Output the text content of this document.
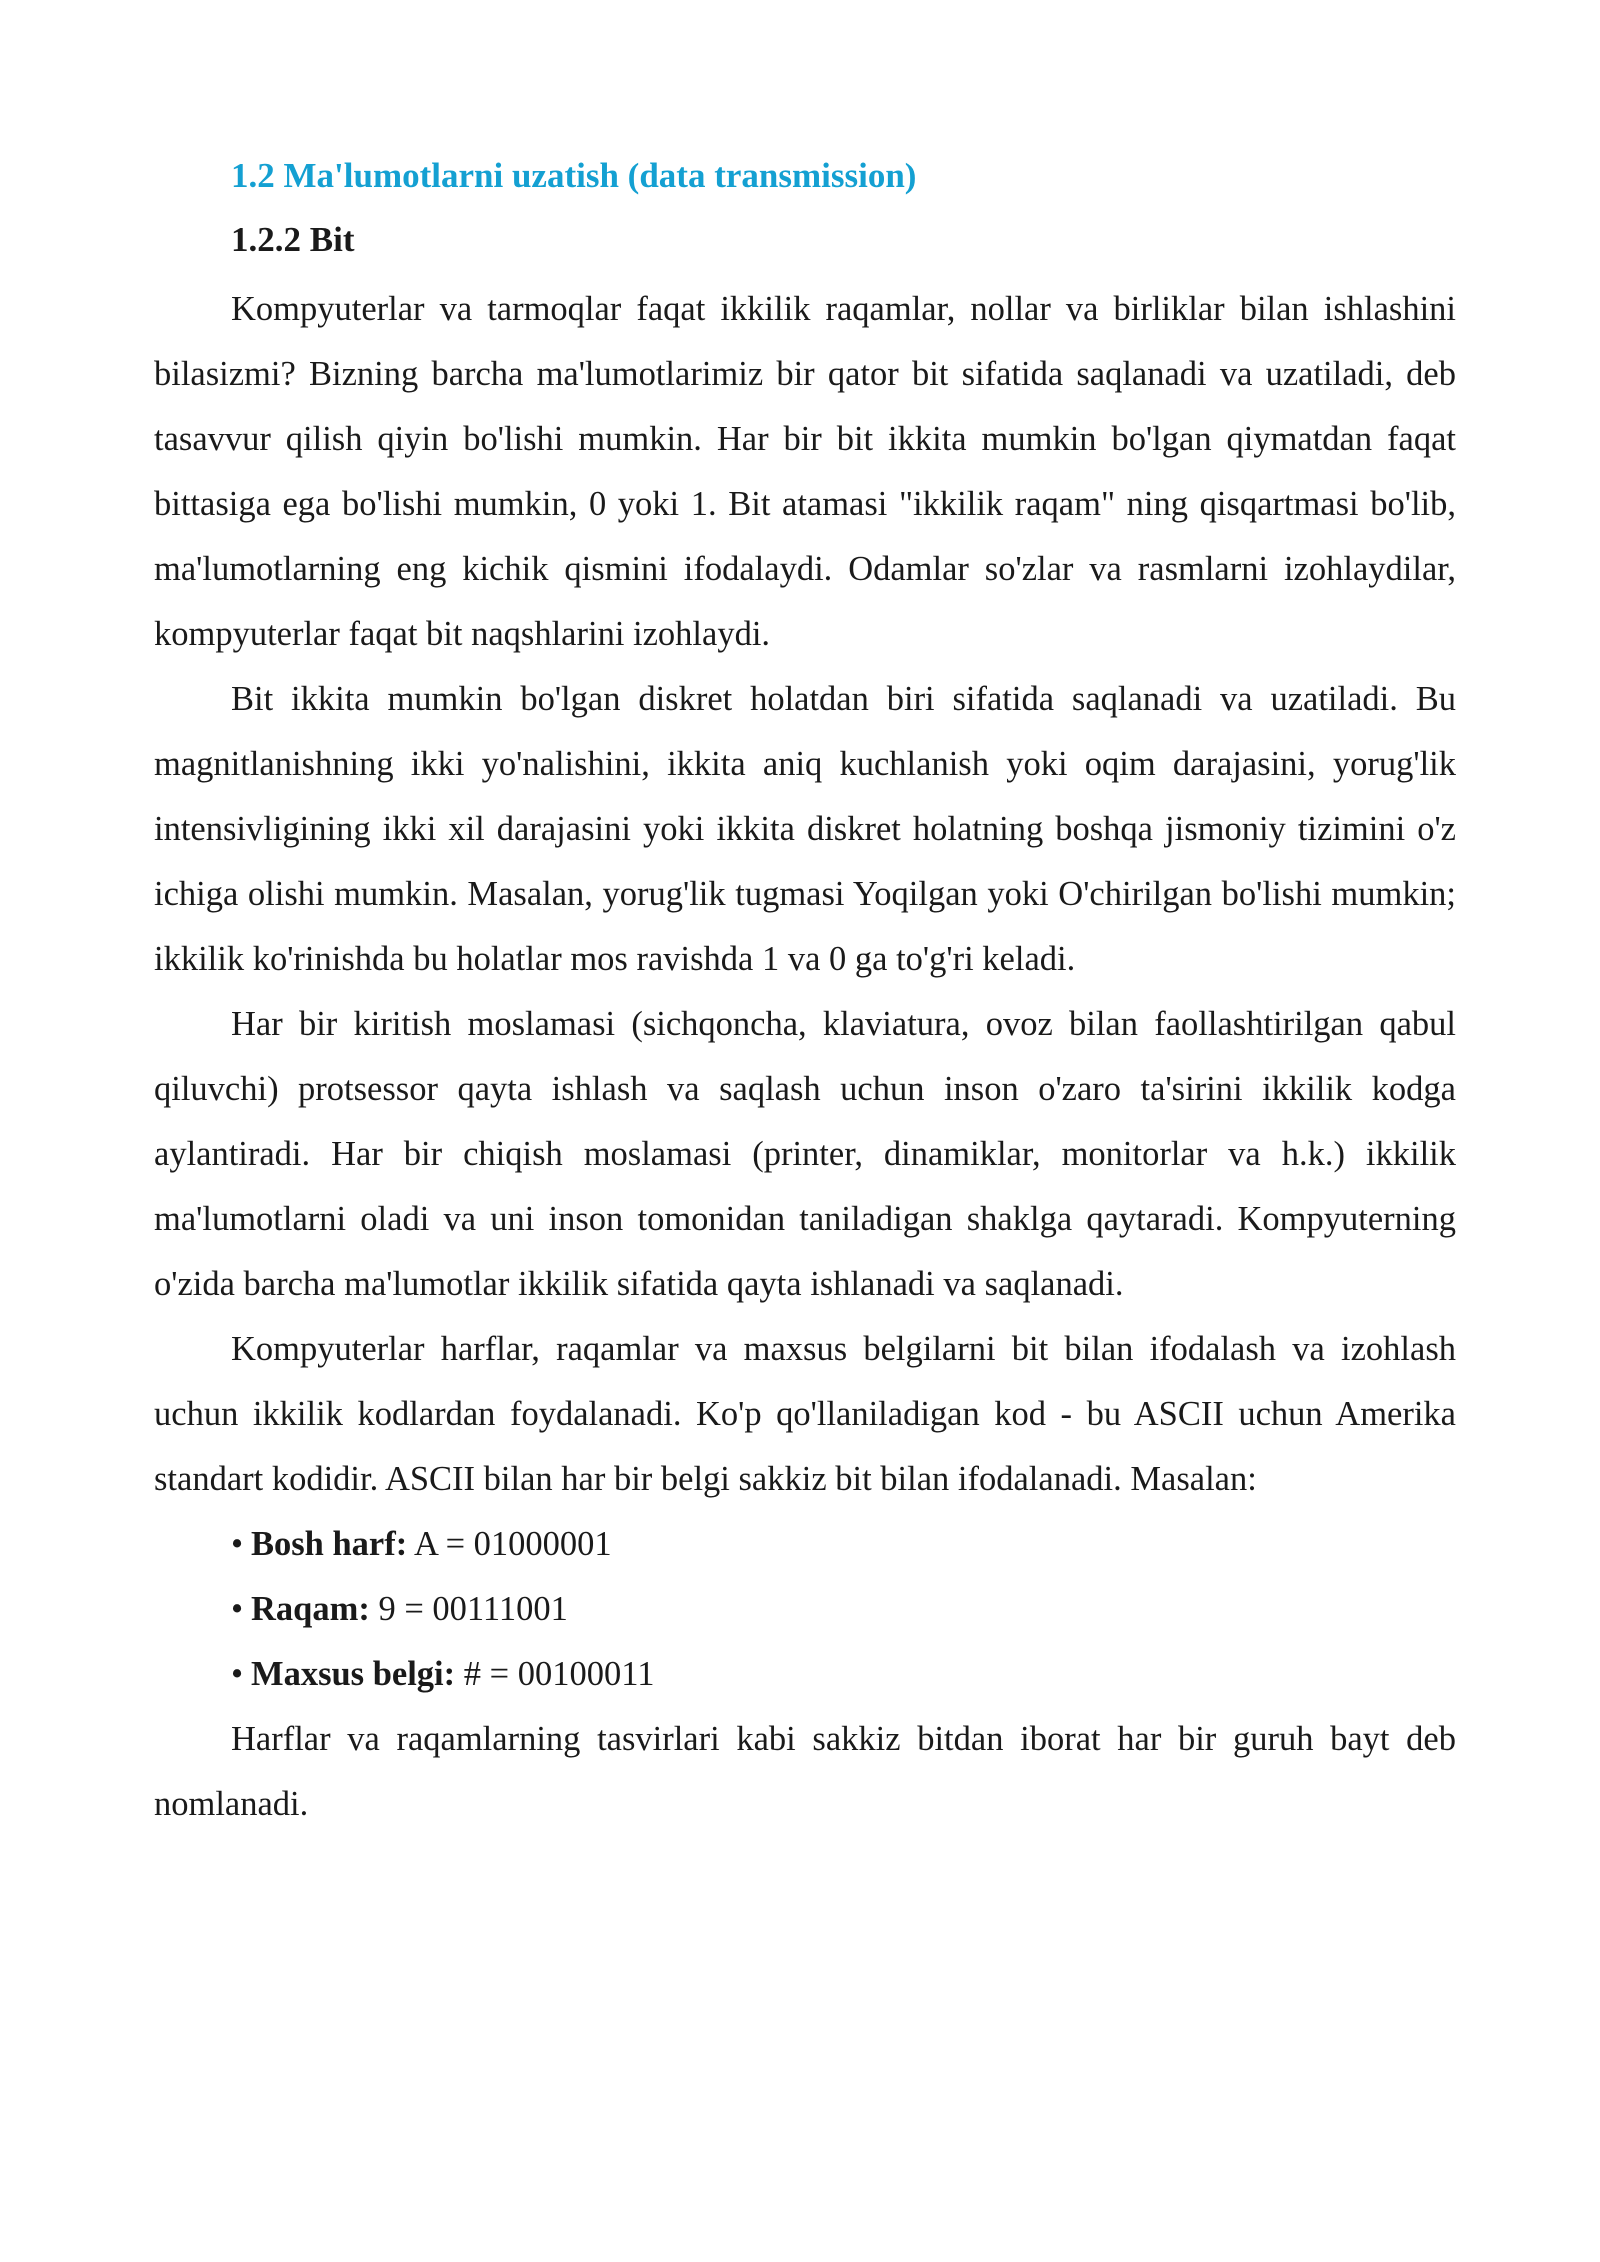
1.2 Ma'lumotlarni uzatish (data transmission)
1.2.2 Bit

Kompyuterlar va tarmoqlar faqat ikkilik raqamlar, nollar va birliklar bilan ishlashini bilasizmi? Bizning barcha ma'lumotlarimiz bir qator bit sifatida saqlanadi va uzatiladi, deb tasavvur qilish qiyin bo'lishi mumkin. Har bir bit ikkita mumkin bo'lgan qiymatdan faqat bittasiga ega bo'lishi mumkin, 0 yoki 1. Bit atamasi "ikkilik raqam" ning qisqartmasi bo'lib, ma'lumotlarning eng kichik qismini ifodalaydi. Odamlar so'zlar va rasmlarni izohlaydilar, kompyuterlar faqat bit naqshlarini izohlaydi.

Bit ikkita mumkin bo'lgan diskret holatdan biri sifatida saqlanadi va uzatiladi. Bu magnitlanishning ikki yo'nalishini, ikkita aniq kuchlanish yoki oqim darajasini, yorug'lik intensivligining ikki xil darajasini yoki ikkita diskret holatning boshqa jismoniy tizimini o'z ichiga olishi mumkin. Masalan, yorug'lik tugmasi Yoqilgan yoki O'chirilgan bo'lishi mumkin; ikkilik ko'rinishda bu holatlar mos ravishda 1 va 0 ga to'g'ri keladi.

Har bir kiritish moslamasi (sichqoncha, klaviatura, ovoz bilan faollashtirilgan qabul qiluvchi) protsessor qayta ishlash va saqlash uchun inson o'zaro ta'sirini ikkilik kodga aylantiradi. Har bir chiqish moslamasi (printer, dinamiklar, monitorlar va h.k.) ikkilik ma'lumotlarni oladi va uni inson tomonidan taniladigan shaklga qaytaradi. Kompyuterning o'zida barcha ma'lumotlar ikkilik sifatida qayta ishlanadi va saqlanadi.

Kompyuterlar harflar, raqamlar va maxsus belgilarni bit bilan ifodalash va izohlash uchun ikkilik kodlardan foydalanadi. Ko'p qo'llaniladigan kod - bu ASCII uchun Amerika standart kodidir. ASCII bilan har bir belgi sakkiz bit bilan ifodalanadi. Masalan:

• Bosh harf: A = 01000001
• Raqam: 9 = 00111001
• Maxsus belgi: # = 00100011

Harflar va raqamlarning tasvirlari kabi sakkiz bitdan iborat har bir guruh bayt deb nomlanadi.
